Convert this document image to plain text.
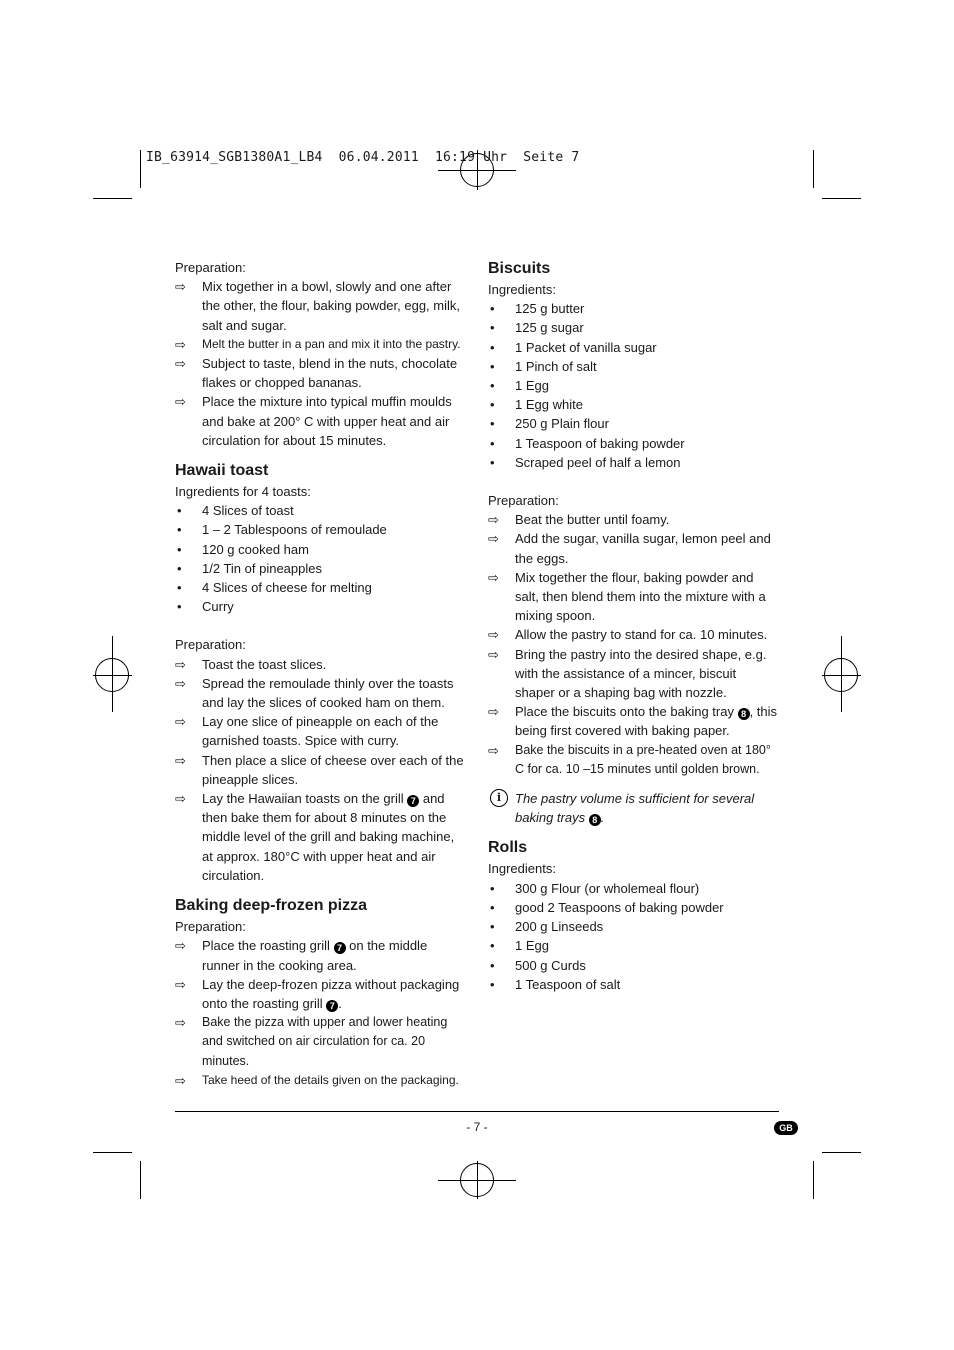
IB_63914_SGB1380A1_LB4  06.04.2011  16:19 Uhr  Seite 7

Preparation:

⇨ Mix together in a bowl, slowly and one after the other, the flour, baking powder, egg, milk, salt and sugar.
⇨ Melt the butter in a pan and mix it into the pastry.
⇨ Subject to taste, blend in the nuts, chocolate flakes or chopped bananas.
⇨ Place the mixture into typical muffin moulds and bake at 200° C with upper heat and air circulation for about 15 minutes.
Hawaii toast

Ingredients for 4 toasts:

• 4 Slices of toast
• 1 – 2 Tablespoons of remoulade
• 120 g cooked ham
• 1/2 Tin of pineapples
• 4 Slices of cheese for melting
• Curry

Preparation:

⇨ Toast the toast slices.
⇨ Spread the remoulade thinly over the toasts and lay the slices of cooked ham on them.
⇨ Lay one slice of pineapple on each of the garnished toasts. Spice with curry.
⇨ Then place a slice of cheese over each of the pineapple slices.
⇨ Lay the Hawaiian toasts on the grill 7 and then bake them for about 8 minutes on the middle level of the grill and baking machine, at approx. 180°C with upper heat and air circulation.
Baking deep-frozen pizza

Preparation:

⇨ Place the roasting grill 7 on the middle runner in the cooking area.
⇨ Lay the deep-frozen pizza without packaging onto the roasting grill 7 .
⇨ Bake the pizza with upper and lower heating and switched on air circulation for ca. 20 minutes.
⇨ Take heed of the details given on the packaging.
Biscuits

Ingredients:

• 125 g butter
• 125 g sugar
• 1 Packet of vanilla sugar
• 1 Pinch of salt
• 1 Egg
• 1 Egg white
• 250 g Plain flour
• 1 Teaspoon of baking powder
• Scraped peel of half a lemon

Preparation:

⇨ Beat the butter until foamy.
⇨ Add the sugar, vanilla sugar, lemon peel and the eggs.
⇨ Mix together the flour, baking powder and salt, then blend them into the mixture with a mixing spoon.
⇨ Allow the pastry to stand for ca. 10 minutes.
⇨ Bring the pastry into the desired shape, e.g. with the assistance of a mincer, biscuit shaper or a shaping bag with nozzle.
⇨ Place the biscuits onto the baking tray 8 , this being first covered with baking paper.
⇨ Bake the biscuits in a pre-heated oven at 180° C for ca. 10 –15 minutes until golden brown.
i	The pastry volume is sufficient for several baking trays 8 .
Rolls

Ingredients:

• 300 g Flour (or wholemeal flour)
• good 2 Teaspoons of baking powder
• 200 g Linseeds
• 1 Egg
• 500 g Curds
• 1 Teaspoon of salt
- 7 -	GB
